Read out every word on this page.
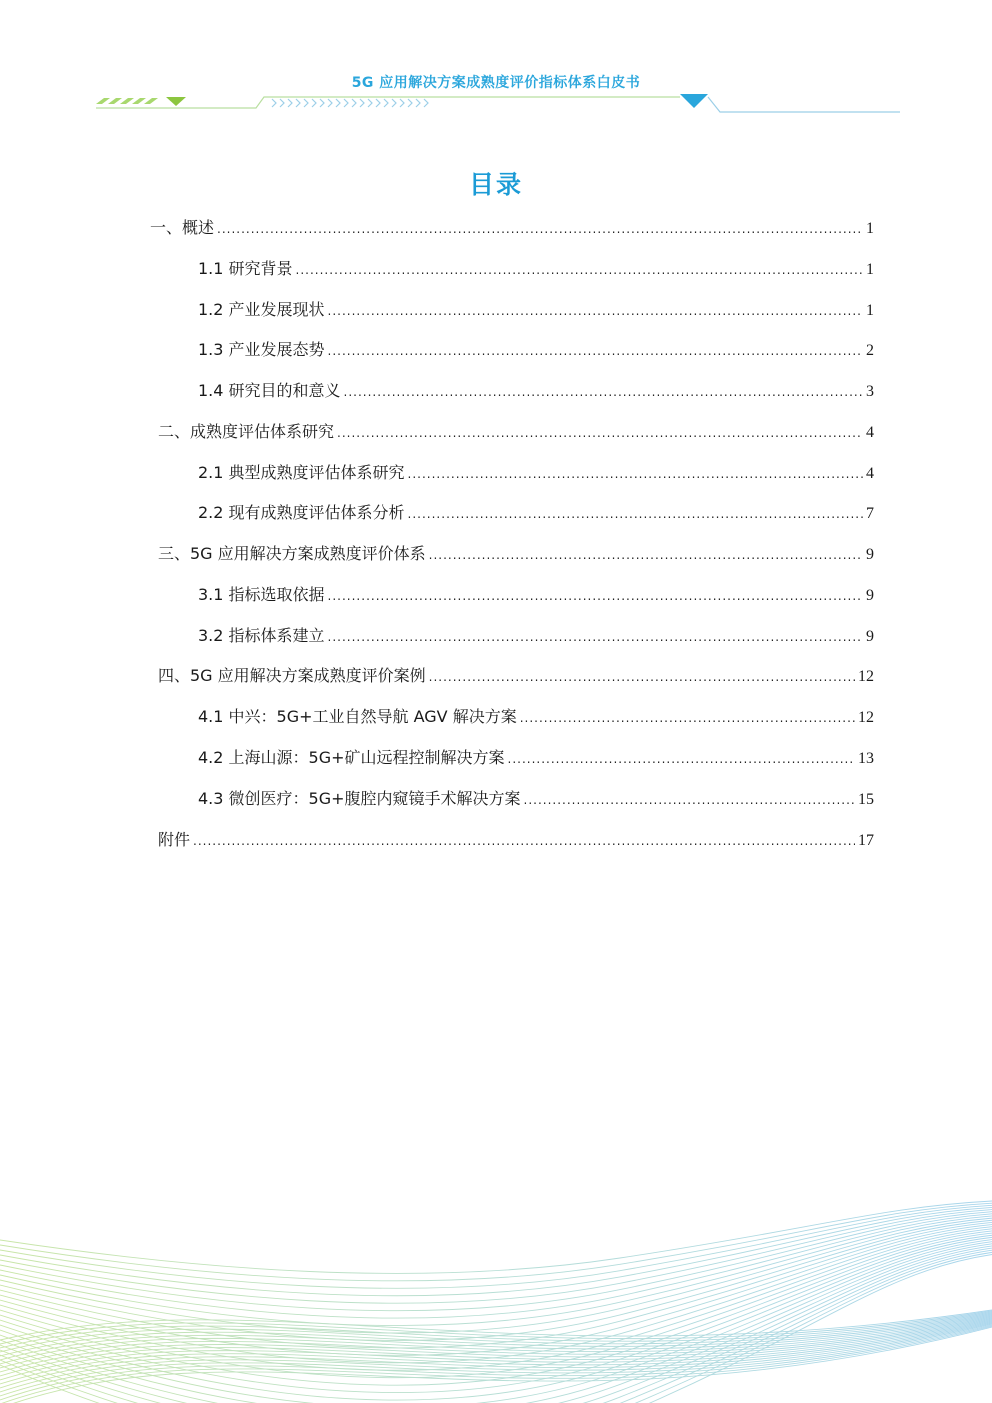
5G 应用解决方案成熟度评价指标体系白皮书
目录
一、概述 .....	1
1.1 研究背景 .....	1
1.2 产业发展现状 .....	1
1.3 产业发展态势 .....	2
1.4 研究目的和意义 .....	3
二、成熟度评估体系研究 .....	4
2.1 典型成熟度评估体系研究 .....	4
2.2 现有成熟度评估体系分析 .....	7
三、5G 应用解决方案成熟度评价体系 .....	9
3.1 指标选取依据 .....	9
3.2 指标体系建立 .....	9
四、5G 应用解决方案成熟度评价案例 .....	12
4.1 中兴：5G+工业自然导航 AGV 解决方案 .....	12
4.2 上海山源：5G+矿山远程控制解决方案 .....	13
4.3 微创医疗：5G+腹腔内窥镜手术解决方案 .....	15
附件 .....	17
